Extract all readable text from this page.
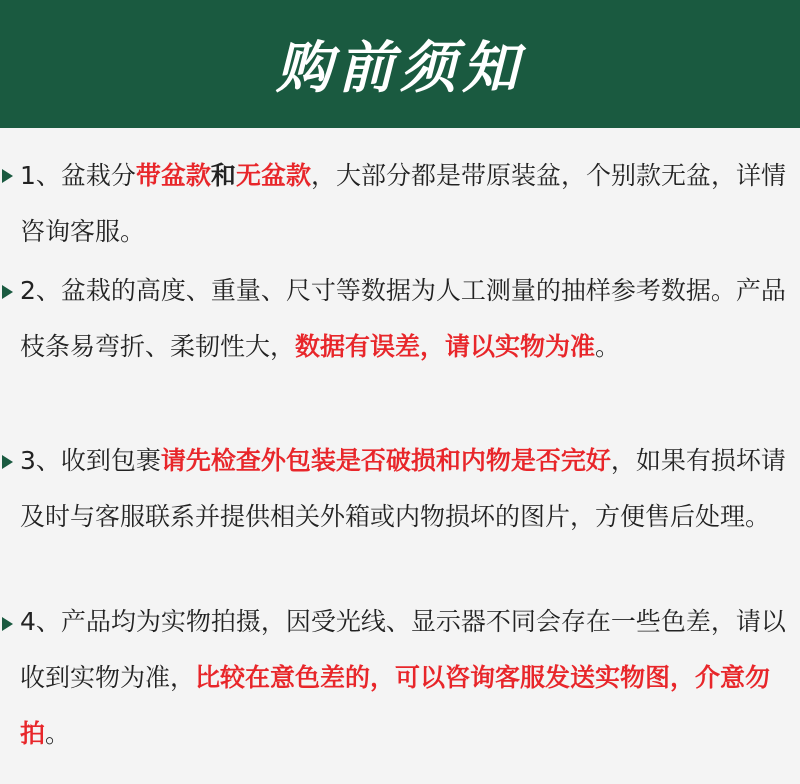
购前须知
1、盆栽分带盆款和无盆款，大部分都是带原装盆，个别款无盆，详情咨询客服。
2、盆栽的高度、重量、尺寸等数据为人工测量的抽样参考数据。产品枝条易弯折、柔韧性大，数据有误差，请以实物为准。
3、收到包裹请先检查外包装是否破损和内物是否完好，如果有损坏请及时与客服联系并提供相关外箱或内物损坏的图片，方便售后处理。
4、产品均为实物拍摄，因受光线、显示器不同会存在一些色差，请以收到实物为准，比较在意色差的，可以咨询客服发送实物图，介意勿拍。
